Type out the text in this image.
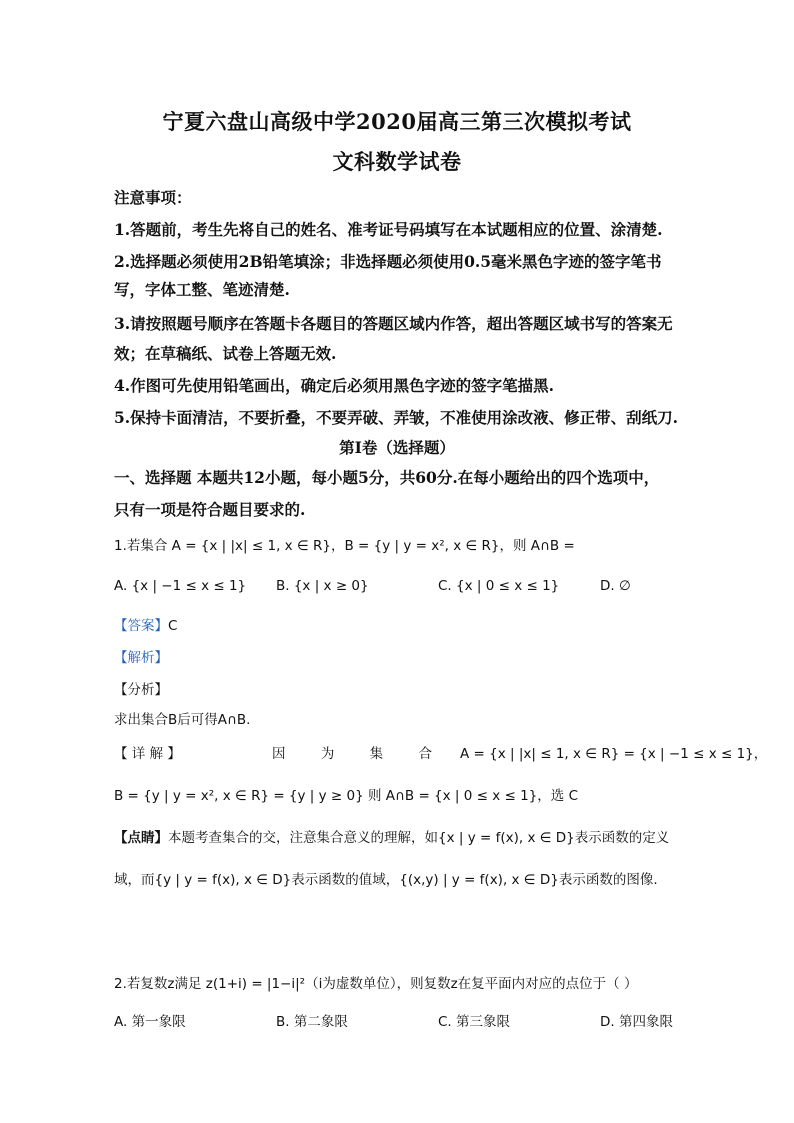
宁夏六盘山高级中学2020届高三第三次模拟考试
文科数学试卷
注意事项：
1.答题前，考生先将自己的姓名、准考证号码填写在本试题相应的位置、涂清楚.
2.选择题必须使用2B铅笔填涂；非选择题必须使用0.5毫米黑色字迹的签字笔书
写，字体工整、笔迹清楚.
3.请按照题号顺序在答题卡各题目的答题区域内作答，超出答题区域书写的答案无
效；在草稿纸、试卷上答题无效.
4.作图可先使用铅笔画出，确定后必须用黑色字迹的签字笔描黑.
5.保持卡面清洁，不要折叠，不要弄破、弄皱，不准使用涂改液、修正带、刮纸刀.
第I卷（选择题）
一、选择题 本题共12小题，每小题5分，共60分.在每小题给出的四个选项中，
只有一项是符合题目要求的.
1.若集合 A = {x | |x| ≤ 1, x ∈ R}，B = {y | y = x², x ∈ R}，则 A∩B =
A. {x | −1 ≤ x ≤ 1} B. {x | x ≥ 0}	C. {x | 0 ≤ x ≤ 1}	D. ∅
【答案】C
【解析】
【分析】
求出集合B后可得A∩B.
【 详 解 】	因	为	集	合 A = {x | |x| ≤ 1, x ∈ R} = {x | −1 ≤ x ≤ 1}，
B = {y | y = x², x ∈ R} = {y | y ≥ 0} 则 A∩B = {x | 0 ≤ x ≤ 1}，选 C
【点睛】本题考查集合的交，注意集合意义的理解，如{x | y = f(x), x ∈ D}表示函数的定义
域，而{y | y = f(x), x ∈ D}表示函数的值域，{(x,y) | y = f(x), x ∈ D}表示函数的图像.
2.若复数z满足 z(1+i) = |1−i|²（i为虚数单位），则复数z在复平面内对应的点位于（ ）
A. 第一象限	B. 第二象限	C. 第三象限	D. 第四象限
